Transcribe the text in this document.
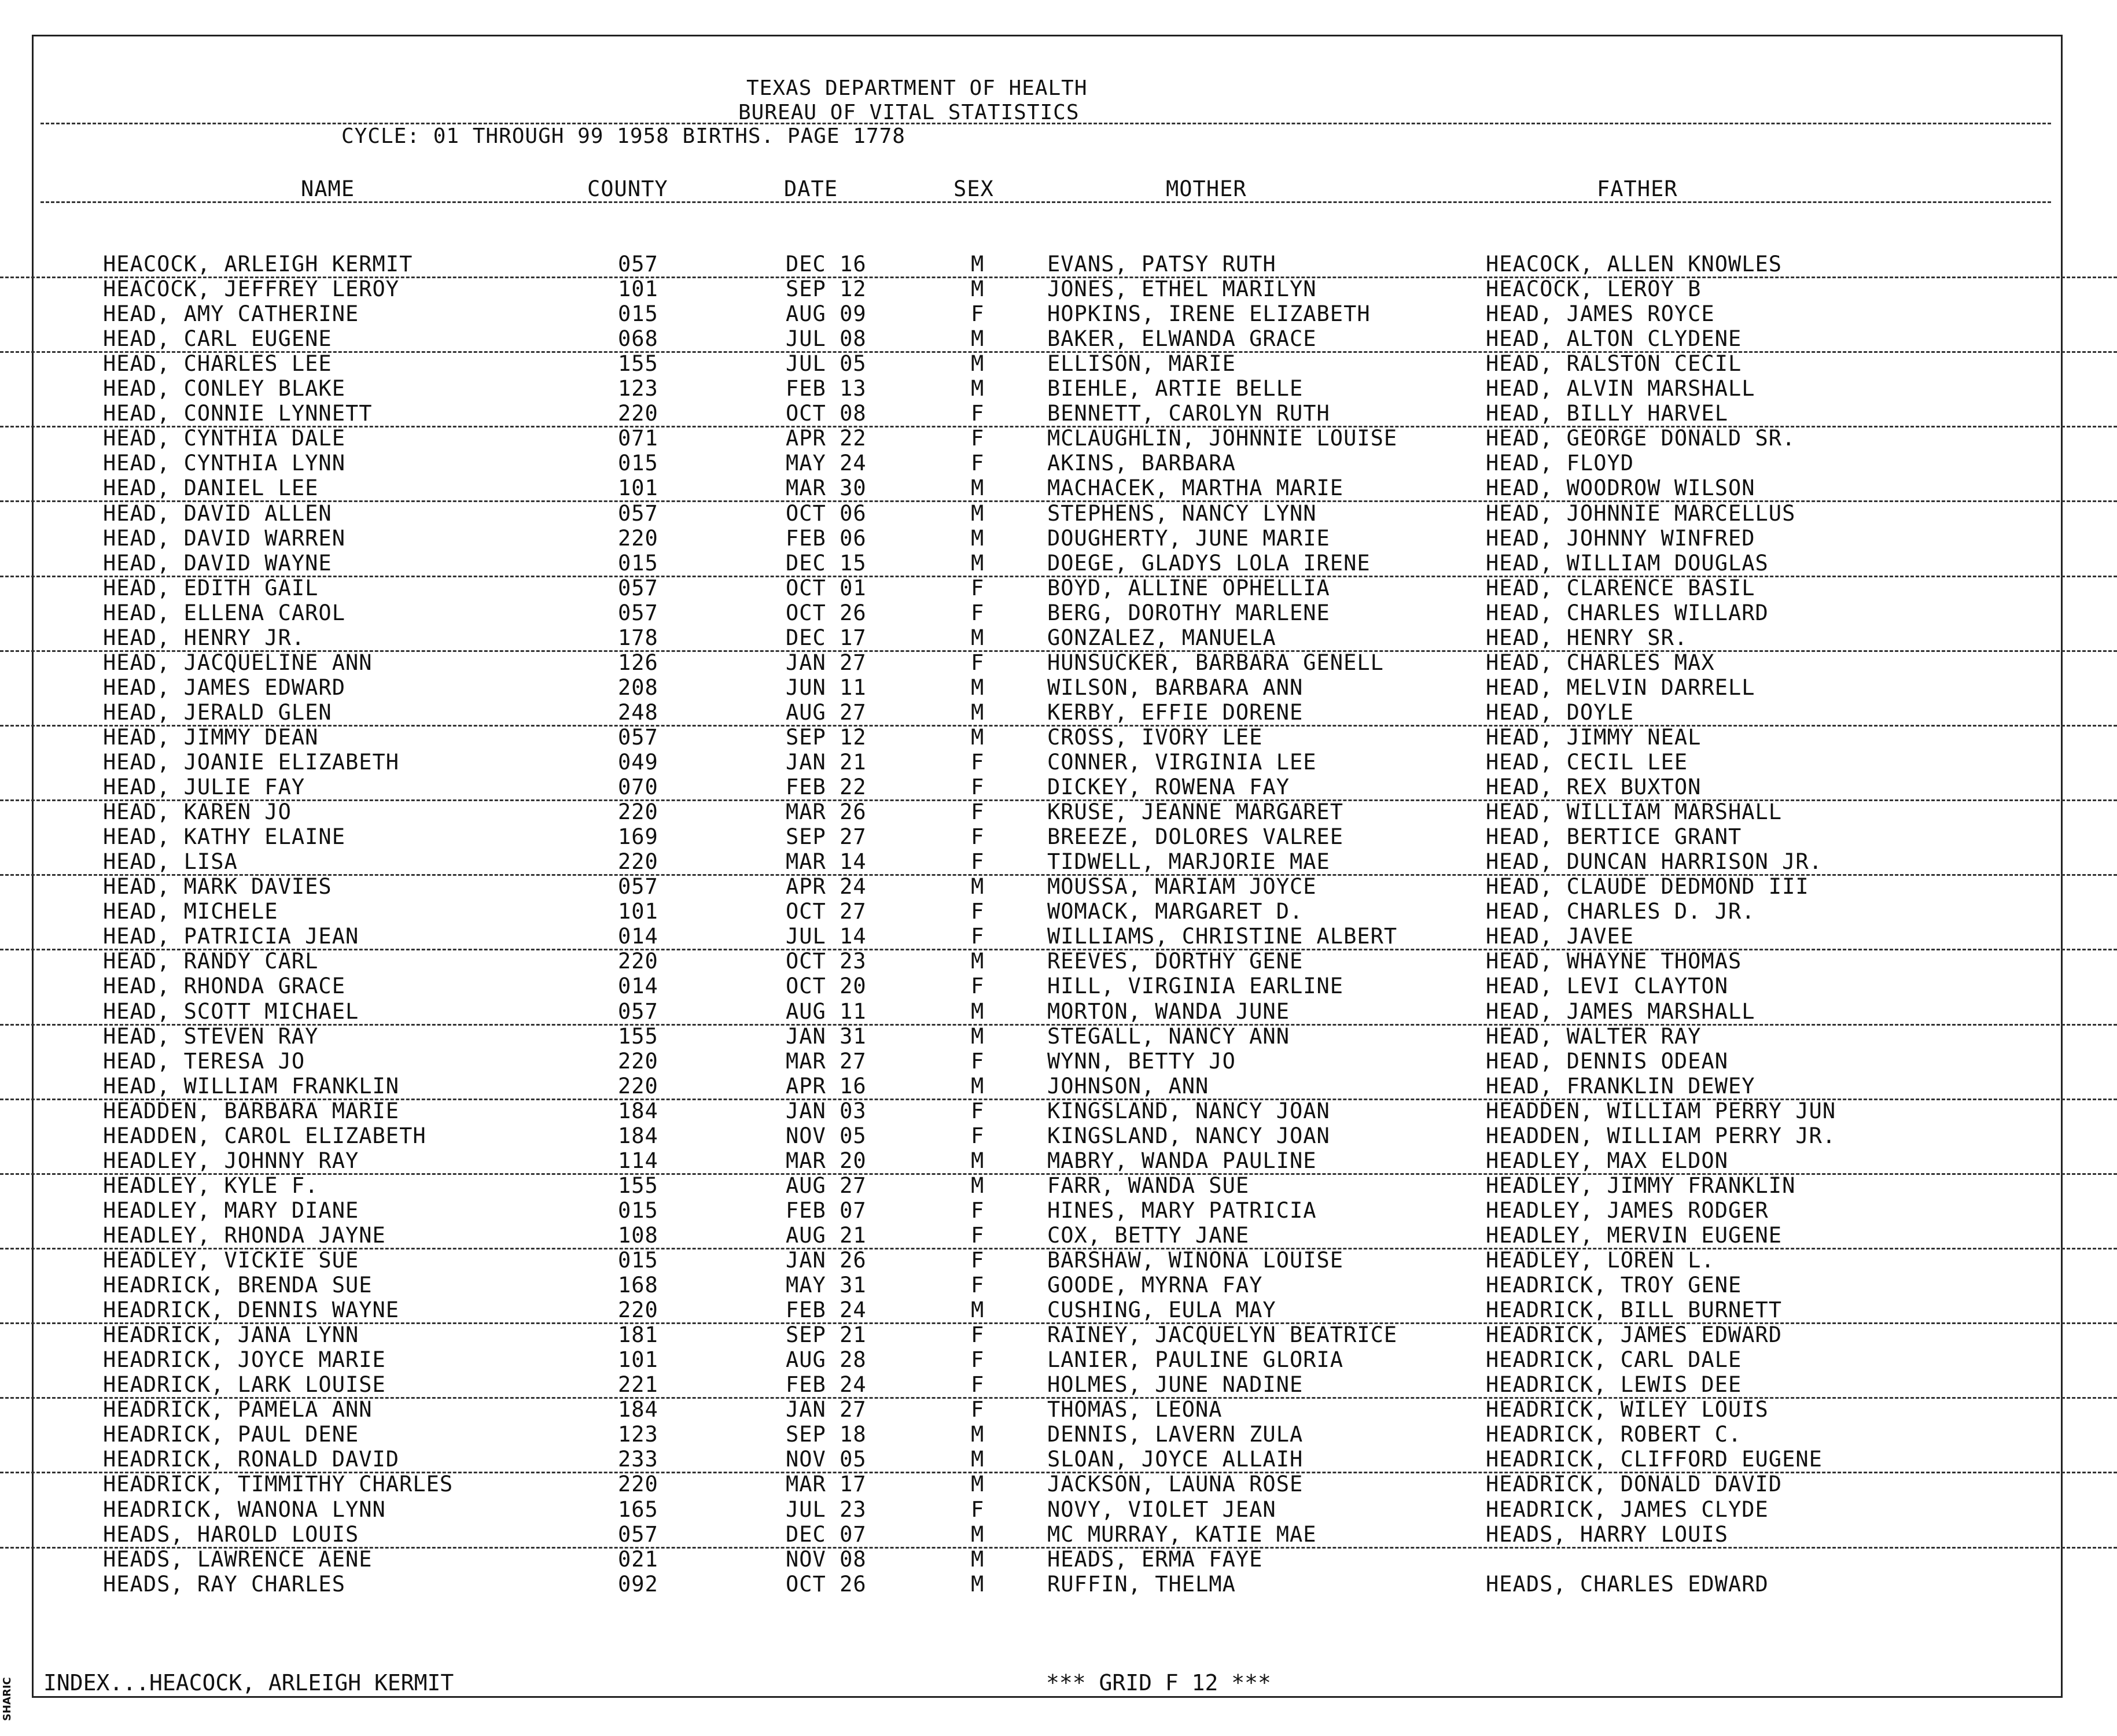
TEXAS DEPARTMENT OF HEALTH
BUREAU OF VITAL STATISTICS
CYCLE: 01 THROUGH 99 1958 BIRTHS. PAGE 1778
NAME	COUNTY	DATE	SEX	MOTHER	FATHER
HEACOCK, ARLEIGH KERMIT	057	DEC 16	M	EVANS, PATSY RUTH	HEACOCK, ALLEN KNOWLES
HEACOCK, JEFFREY LEROY	101	SEP 12	M	JONES, ETHEL MARILYN	HEACOCK, LEROY B
HEAD, AMY CATHERINE	015	AUG 09	F	HOPKINS, IRENE ELIZABETH	HEAD, JAMES ROYCE
HEAD, CARL EUGENE	068	JUL 08	M	BAKER, ELWANDA GRACE	HEAD, ALTON CLYDENE
HEAD, CHARLES LEE	155	JUL 05	M	ELLISON, MARIE	HEAD, RALSTON CECIL
HEAD, CONLEY BLAKE	123	FEB 13	M	BIEHLE, ARTIE BELLE	HEAD, ALVIN MARSHALL
HEAD, CONNIE LYNNETT	220	OCT 08	F	BENNETT, CAROLYN RUTH	HEAD, BILLY HARVEL
HEAD, CYNTHIA DALE	071	APR 22	F	MCLAUGHLIN, JOHNNIE LOUISE	HEAD, GEORGE DONALD SR.
HEAD, CYNTHIA LYNN	015	MAY 24	F	AKINS, BARBARA	HEAD, FLOYD
HEAD, DANIEL LEE	101	MAR 30	M	MACHACEK, MARTHA MARIE	HEAD, WOODROW WILSON
HEAD, DAVID ALLEN	057	OCT 06	M	STEPHENS, NANCY LYNN	HEAD, JOHNNIE MARCELLUS
HEAD, DAVID WARREN	220	FEB 06	M	DOUGHERTY, JUNE MARIE	HEAD, JOHNNY WINFRED
HEAD, DAVID WAYNE	015	DEC 15	M	DOEGE, GLADYS LOLA IRENE	HEAD, WILLIAM DOUGLAS
HEAD, EDITH GAIL	057	OCT 01	F	BOYD, ALLINE OPHELLIA	HEAD, CLARENCE BASIL
HEAD, ELLENA CAROL	057	OCT 26	F	BERG, DOROTHY MARLENE	HEAD, CHARLES WILLARD
HEAD, HENRY JR.	178	DEC 17	M	GONZALEZ, MANUELA	HEAD, HENRY SR.
HEAD, JACQUELINE ANN	126	JAN 27	F	HUNSUCKER, BARBARA GENELL	HEAD, CHARLES MAX
HEAD, JAMES EDWARD	208	JUN 11	M	WILSON, BARBARA ANN	HEAD, MELVIN DARRELL
HEAD, JERALD GLEN	248	AUG 27	M	KERBY, EFFIE DORENE	HEAD, DOYLE
HEAD, JIMMY DEAN	057	SEP 12	M	CROSS, IVORY LEE	HEAD, JIMMY NEAL
HEAD, JOANIE ELIZABETH	049	JAN 21	F	CONNER, VIRGINIA LEE	HEAD, CECIL LEE
HEAD, JULIE FAY	070	FEB 22	F	DICKEY, ROWENA FAY	HEAD, REX BUXTON
HEAD, KAREN JO	220	MAR 26	F	KRUSE, JEANNE MARGARET	HEAD, WILLIAM MARSHALL
HEAD, KATHY ELAINE	169	SEP 27	F	BREEZE, DOLORES VALREE	HEAD, BERTICE GRANT
HEAD, LISA	220	MAR 14	F	TIDWELL, MARJORIE MAE	HEAD, DUNCAN HARRISON JR.
HEAD, MARK DAVIES	057	APR 24	M	MOUSSA, MARIAM JOYCE	HEAD, CLAUDE DEDMOND III
HEAD, MICHELE	101	OCT 27	F	WOMACK, MARGARET D.	HEAD, CHARLES D. JR.
HEAD, PATRICIA JEAN	014	JUL 14	F	WILLIAMS, CHRISTINE ALBERT	HEAD, JAVEE
HEAD, RANDY CARL	220	OCT 23	M	REEVES, DORTHY GENE	HEAD, WHAYNE THOMAS
HEAD, RHONDA GRACE	014	OCT 20	F	HILL, VIRGINIA EARLINE	HEAD, LEVI CLAYTON
HEAD, SCOTT MICHAEL	057	AUG 11	M	MORTON, WANDA JUNE	HEAD, JAMES MARSHALL
HEAD, STEVEN RAY	155	JAN 31	M	STEGALL, NANCY ANN	HEAD, WALTER RAY
HEAD, TERESA JO	220	MAR 27	F	WYNN, BETTY JO	HEAD, DENNIS ODEAN
HEAD, WILLIAM FRANKLIN	220	APR 16	M	JOHNSON, ANN	HEAD, FRANKLIN DEWEY
HEADDEN, BARBARA MARIE	184	JAN 03	F	KINGSLAND, NANCY JOAN	HEADDEN, WILLIAM PERRY JUN
HEADDEN, CAROL ELIZABETH	184	NOV 05	F	KINGSLAND, NANCY JOAN	HEADDEN, WILLIAM PERRY JR.
HEADLEY, JOHNNY RAY	114	MAR 20	M	MABRY, WANDA PAULINE	HEADLEY, MAX ELDON
HEADLEY, KYLE F.	155	AUG 27	M	FARR, WANDA SUE	HEADLEY, JIMMY FRANKLIN
HEADLEY, MARY DIANE	015	FEB 07	F	HINES, MARY PATRICIA	HEADLEY, JAMES RODGER
HEADLEY, RHONDA JAYNE	108	AUG 21	F	COX, BETTY JANE	HEADLEY, MERVIN EUGENE
HEADLEY, VICKIE SUE	015	JAN 26	F	BARSHAW, WINONA LOUISE	HEADLEY, LOREN L.
HEADRICK, BRENDA SUE	168	MAY 31	F	GOODE, MYRNA FAY	HEADRICK, TROY GENE
HEADRICK, DENNIS WAYNE	220	FEB 24	M	CUSHING, EULA MAY	HEADRICK, BILL BURNETT
HEADRICK, JANA LYNN	181	SEP 21	F	RAINEY, JACQUELYN BEATRICE	HEADRICK, JAMES EDWARD
HEADRICK, JOYCE MARIE	101	AUG 28	F	LANIER, PAULINE GLORIA	HEADRICK, CARL DALE
HEADRICK, LARK LOUISE	221	FEB 24	F	HOLMES, JUNE NADINE	HEADRICK, LEWIS DEE
HEADRICK, PAMELA ANN	184	JAN 27	F	THOMAS, LEONA	HEADRICK, WILEY LOUIS
HEADRICK, PAUL DENE	123	SEP 18	M	DENNIS, LAVERN ZULA	HEADRICK, ROBERT C.
HEADRICK, RONALD DAVID	233	NOV 05	M	SLOAN, JOYCE ALLAIH	HEADRICK, CLIFFORD EUGENE
HEADRICK, TIMMITHY CHARLES	220	MAR 17	M	JACKSON, LAUNA ROSE	HEADRICK, DONALD DAVID
HEADRICK, WANONA LYNN	165	JUL 23	F	NOVY, VIOLET JEAN	HEADRICK, JAMES CLYDE
HEADS, HAROLD LOUIS	057	DEC 07	M	MC MURRAY, KATIE MAE	HEADS, HARRY LOUIS
HEADS, LAWRENCE AENE	021	NOV 08	M	HEADS, ERMA FAYE
HEADS, RAY CHARLES	092	OCT 26	M	RUFFIN, THELMA	HEADS, CHARLES EDWARD
INDEX...HEACOCK, ARLEIGH KERMIT	*** GRID F 12 ***
SHARIC
